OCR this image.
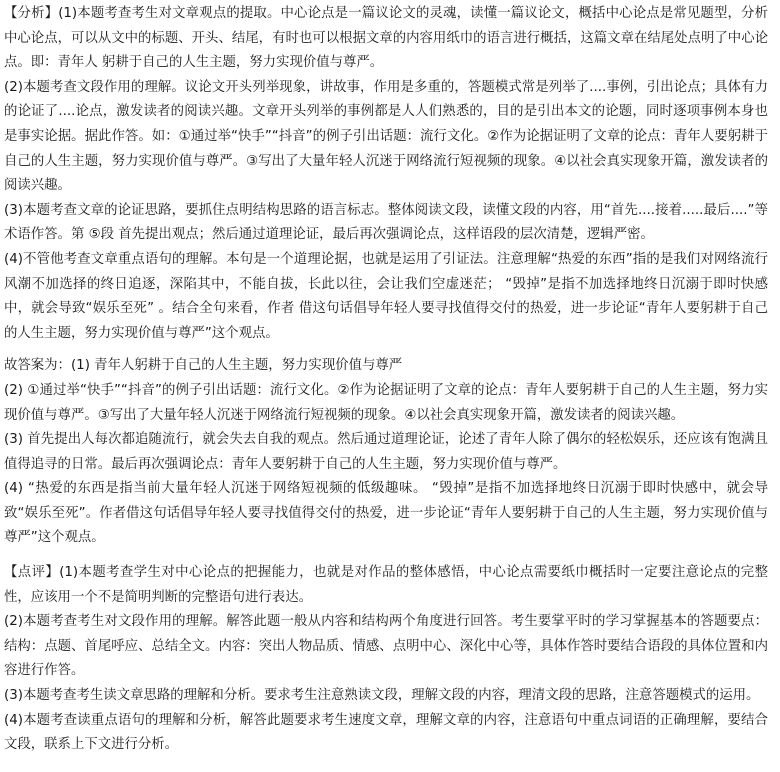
【分析】(1)本题考查考生对文章观点的提取。中心论点是一篇议论文的灵魂，读懂一篇议论文，概括中心论点是常见题型，分析中心论点，可以从文中的标题、开头、结尾，有时也可以根据文章的内容用纸巾的语言进行概括，这篇文章在结尾处点明了中心论点。即：青年人 躬耕于自己的人生主题，努力实现价值与尊严。

(2)本题考查文段作用的理解。议论文开头列举现象，讲故事，作用是多重的，答题模式常是列举了....事例，引出论点；具体有力的论证了....论点，激发读者的阅读兴趣。文章开头列举的事例都是人人们熟悉的，目的是引出本文的论题，同时逐项事例本身也是事实论据。据此作答。如：①通过举“快手”“抖音”的例子引出话题：流行文化。②作为论据证明了文章的论点：青年人要躬耕于自己的人生主题，努力实现价值与尊严。③写出了大量年轻人沉迷于网络流行短视频的现象。④以社会真实现象开篇，激发读者的阅读兴趣。

(3)本题考查文章的论证思路，要抓住点明结构思路的语言标志。整体阅读文段，读懂文段的内容，用“首先....接着.....最后....”等术语作答。第 ⑤段 首先提出观点；然后通过道理论证，最后再次强调论点，这样语段的层次清楚，逻辑严密。

(4)不管他考查文章重点语句的理解。本句是一个道理论据，也就是运用了引证法。注意理解“热爱的东西”指的是我们对网络流行风潮不加选择的终日追逐，深陷其中，不能自拔，长此以往，会让我们空虚迷茫； “毁掉”是指不加选择地终日沉溺于即时快感中，就会导致“娱乐至死” 。结合全句来看，作者 借这句话倡导年轻人要寻找值得交付的热爱，进一步论证“青年人要躬耕于自己的人生主题，努力实现价值与尊严”这个观点。

故答案为：(1) 青年人躬耕于自己的人生主题，努力实现价值与尊严

(2) ①通过举“快手”“抖音”的例子引出话题：流行文化。②作为论据证明了文章的论点：青年人要躬耕于自己的人生主题，努力实现价值与尊严。③写出了大量年轻人沉迷于网络流行短视频的现象。④以社会真实现象开篇，激发读者的阅读兴趣。

(3) 首先提出人每次都追随流行，就会失去自我的观点。然后通过道理论证，论述了青年人除了偶尔的轻松娱乐，还应该有饱满且值得追寻的日常。最后再次强调论点：青年人要躬耕于自己的人生主题，努力实现价值与尊严。

(4) “热爱的东西是指当前大量年轻人沉迷于网络短视频的低级趣味。 “毁掉”是指不加选择地终日沉溺于即时快感中，就会导致“娱乐至死”。作者借这句话倡导年轻人要寻找值得交付的热爱，进一步论证“青年人要躬耕于自己的人生主题，努力实现价值与尊严”这个观点。

【点评】(1)本题考查学生对中心论点的把握能力，也就是对作品的整体感悟，中心论点需要纸巾概括时一定要注意论点的完整性，应该用一个不是简明判断的完整语句进行表达。

(2)本题考查考生对文段作用的理解。解答此题一般从内容和结构两个角度进行回答。考生要掌平时的学习掌握基本的答题要点：结构：点题、首尾呼应、总结全文。内容：突出人物品质、情感、点明中心、深化中心等，具体作答时要结合语段的具体位置和内容进行作答。

(3)本题考查考生读文章思路的理解和分析。要求考生注意熟读文段，理解文段的内容，理清文段的思路，注意答题模式的运用。

(4)本题考查读重点语句的理解和分析，解答此题要求考生速度文章，理解文章的内容，注意语句中重点词语的正确理解，要结合文段，联系上下文进行分析。
